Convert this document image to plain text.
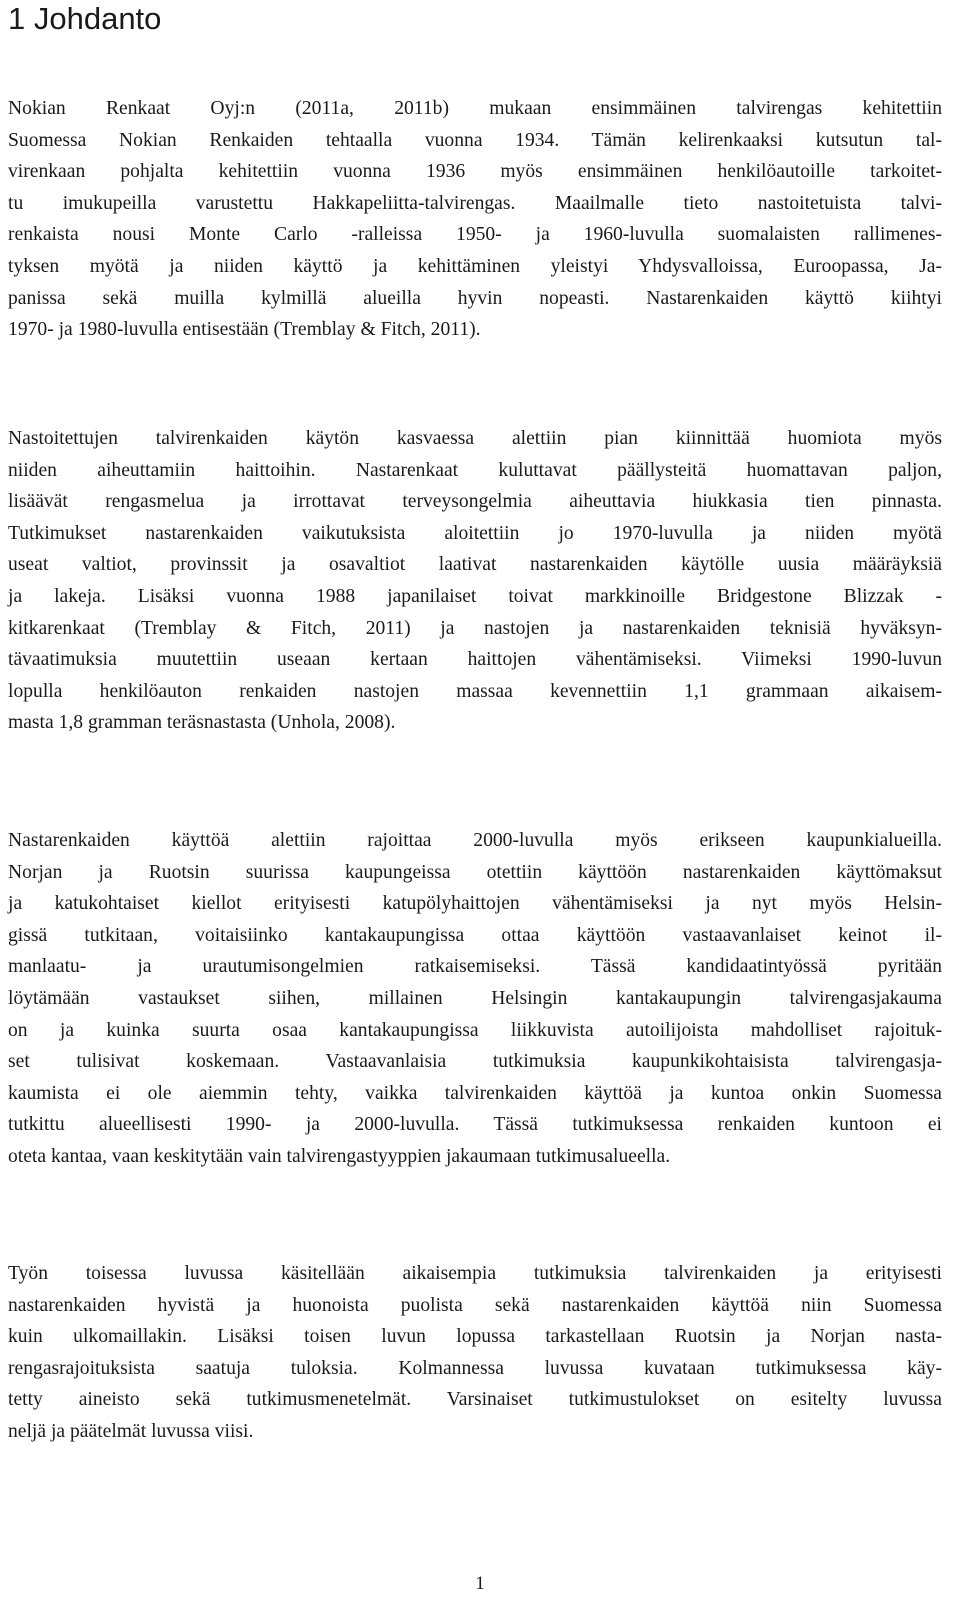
1 Johdanto
Nokian Renkaat Oyj:n (2011a, 2011b) mukaan ensimmäinen talvirengas kehitettiin
Suomessa Nokian Renkaiden tehtaalla vuonna 1934. Tämän kelirenkaaksi kutsutun tal-
virenkaan pohjalta kehitettiin vuonna 1936 myös ensimmäinen henkilöautoille tarkoitet-
tu imukupeilla varustettu Hakkapeliitta-talvirengas. Maailmalle tieto nastoitetuista talvi-
renkaista nousi Monte Carlo -ralleissa 1950- ja 1960-luvulla suomalaisten rallimenes-
tyksen myötä ja niiden käyttö ja kehittäminen yleistyi Yhdysvalloissa, Euroopassa, Ja-
panissa sekä muilla kylmillä alueilla hyvin nopeasti. Nastarenkaiden käyttö kiihtyi
1970- ja 1980-luvulla entisestään (Tremblay & Fitch, 2011).
Nastoitettujen talvirenkaiden käytön kasvaessa alettiin pian kiinnittää huomiota myös
niiden aiheuttamiin haittoihin. Nastarenkaat kuluttavat päällysteitä huomattavan paljon,
lisäävät rengasmelua ja irrottavat terveysongelmia aiheuttavia hiukkasia tien pinnasta.
Tutkimukset nastarenkaiden vaikutuksista aloitettiin jo 1970-luvulla ja niiden myötä
useat valtiot, provinssit ja osavaltiot laativat nastarenkaiden käytölle uusia määräyksiä
ja lakeja. Lisäksi vuonna 1988 japanilaiset toivat markkinoille Bridgestone Blizzak -
kitkarenkaat (Tremblay & Fitch, 2011) ja nastojen ja nastarenkaiden teknisiä hyväksyn-
tävaatimuksia muutettiin useaan kertaan haittojen vähentämiseksi. Viimeksi 1990-luvun
lopulla henkilöauton renkaiden nastojen massaa kevennettiin 1,1 grammaan aikaisem-
masta 1,8 gramman teräsnastasta (Unhola, 2008).
Nastarenkaiden käyttöä alettiin rajoittaa 2000-luvulla myös erikseen kaupunkialueilla.
Norjan ja Ruotsin suurissa kaupungeissa otettiin käyttöön nastarenkaiden käyttömaksut
ja katukohtaiset kiellot erityisesti katupölyhaittojen vähentämiseksi ja nyt myös Helsin-
gissä tutkitaan, voitaisiinko kantakaupungissa ottaa käyttöön vastaavanlaiset keinot il-
manlaatu- ja urautumisongelmien ratkaisemiseksi. Tässä kandidaatintyössä pyritään
löytämään vastaukset siihen, millainen Helsingin kantakaupungin talvirengasjakauma
on ja kuinka suurta osaa kantakaupungissa liikkuvista autoilijoista mahdolliset rajoituk-
set tulisivat koskemaan. Vastaavanlaisia tutkimuksia kaupunkikohtaisista talvirengasja-
kaumista ei ole aiemmin tehty, vaikka talvirenkaiden käyttöä ja kuntoa onkin Suomessa
tutkittu alueellisesti 1990- ja 2000-luvulla. Tässä tutkimuksessa renkaiden kuntoon ei
oteta kantaa, vaan keskitytään vain talvirengastyyppien jakaumaan tutkimusalueella.
Työn toisessa luvussa käsitellään aikaisempia tutkimuksia talvirenkaiden ja erityisesti
nastarenkaiden hyvistä ja huonoista puolista sekä nastarenkaiden käyttöä niin Suomessa
kuin ulkomaillakin. Lisäksi toisen luvun lopussa tarkastellaan Ruotsin ja Norjan nasta-
rengasrajoituksista saatuja tuloksia. Kolmannessa luvussa kuvataan tutkimuksessa käy-
tetty aineisto sekä tutkimusmenetelmät. Varsinaiset tutkimustulokset on esitelty luvussa
neljä ja päätelmät luvussa viisi.
1
